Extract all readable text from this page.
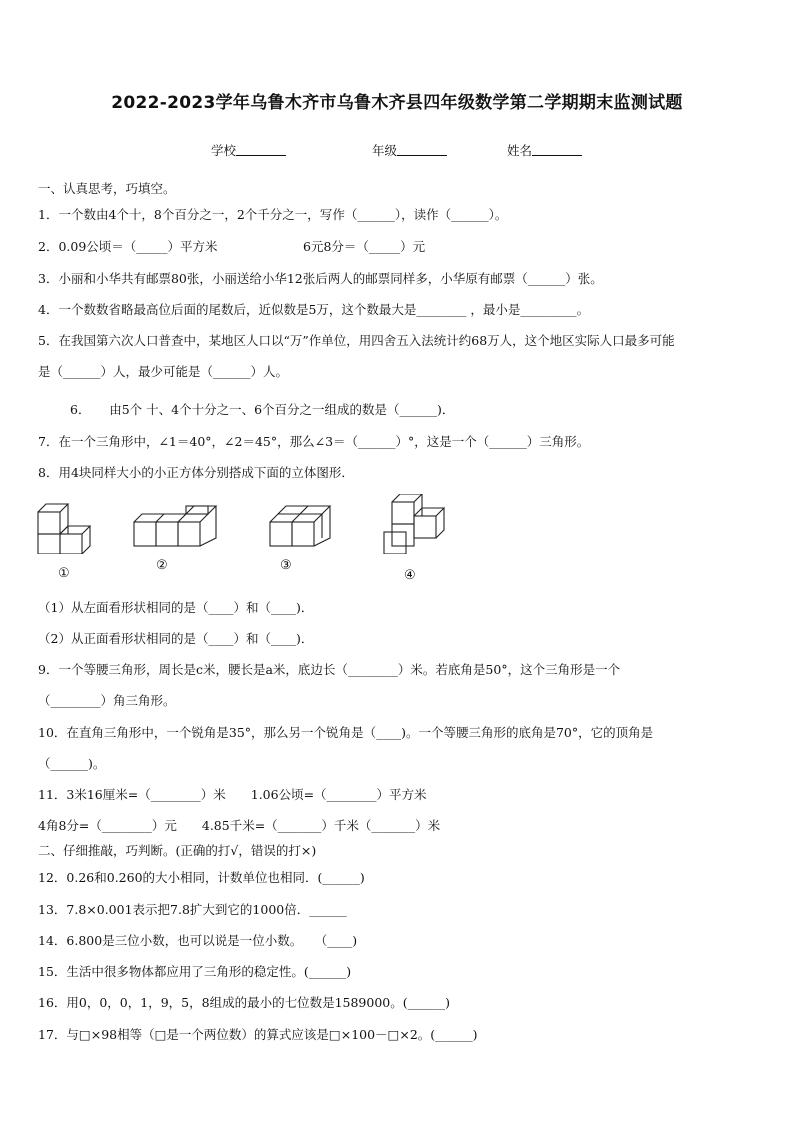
2022-2023学年乌鲁木齐市乌鲁木齐县四年级数学第二学期期末监测试题
学校	年级	姓名
一、认真思考，巧填空。
1．一个数由4个十，8个百分之一，2个千分之一，写作（______），读作（______）。
2．0.09公顷＝（_____）平方米	6元8分＝（_____）元
3．小丽和小华共有邮票80张，小丽送给小华12张后两人的邮票同样多，小华原有邮票（______）张。
4．一个数数省略最高位后面的尾数后，近似数是5万，这个数最大是________ ，最小是_________。
5．在我国第六次人口普查中，某地区人口以“万”作单位，用四舍五入法统计约68万人，这个地区实际人口最多可能
是（______）人，最少可能是（______）人。
6．　　由5个 十、4个十分之一、6个百分之一组成的数是（______)．
7．在一个三角形中，∠1＝40°，∠2＝45°，那么∠3＝（______）°，这是一个（______）三角形。
8．用4块同样大小的小正方体分别搭成下面的立体图形．
①
②	③
④
（1）从左面看形状相同的是（____）和（____)．
（2）从正面看形状相同的是（____）和（____)．
9．一个等腰三角形，周长是c米，腰长是a米，底边长（________）米。若底角是50°，这个三角形是一个
（________）角三角形。
10．在直角三角形中，一个锐角是35°，那么另一个锐角是（____)。一个等腰三角形的底角是70°，它的顶角是
（______)。
11．3米16厘米=（________）米　　1.06公顷=（________）平方米
4角8分=（________）元　　4.85千米=（_______）千米（_______）米
二、仔细推敲，巧判断。(正确的打√，错误的打×)
12．0.26和0.260的大小相同，计数单位也相同．(______)
13．7.8×0.001表示把7.8扩大到它的1000倍．______
14．6.800是三位小数，也可以说是一位小数。　　（____)
15．生活中很多物体都应用了三角形的稳定性。(______)
16．用0，0，0，1，9，5，8组成的最小的七位数是1589000。(______)
17．与□×98相等（□是一个两位数）的算式应该是□×100－□×2。(______)
